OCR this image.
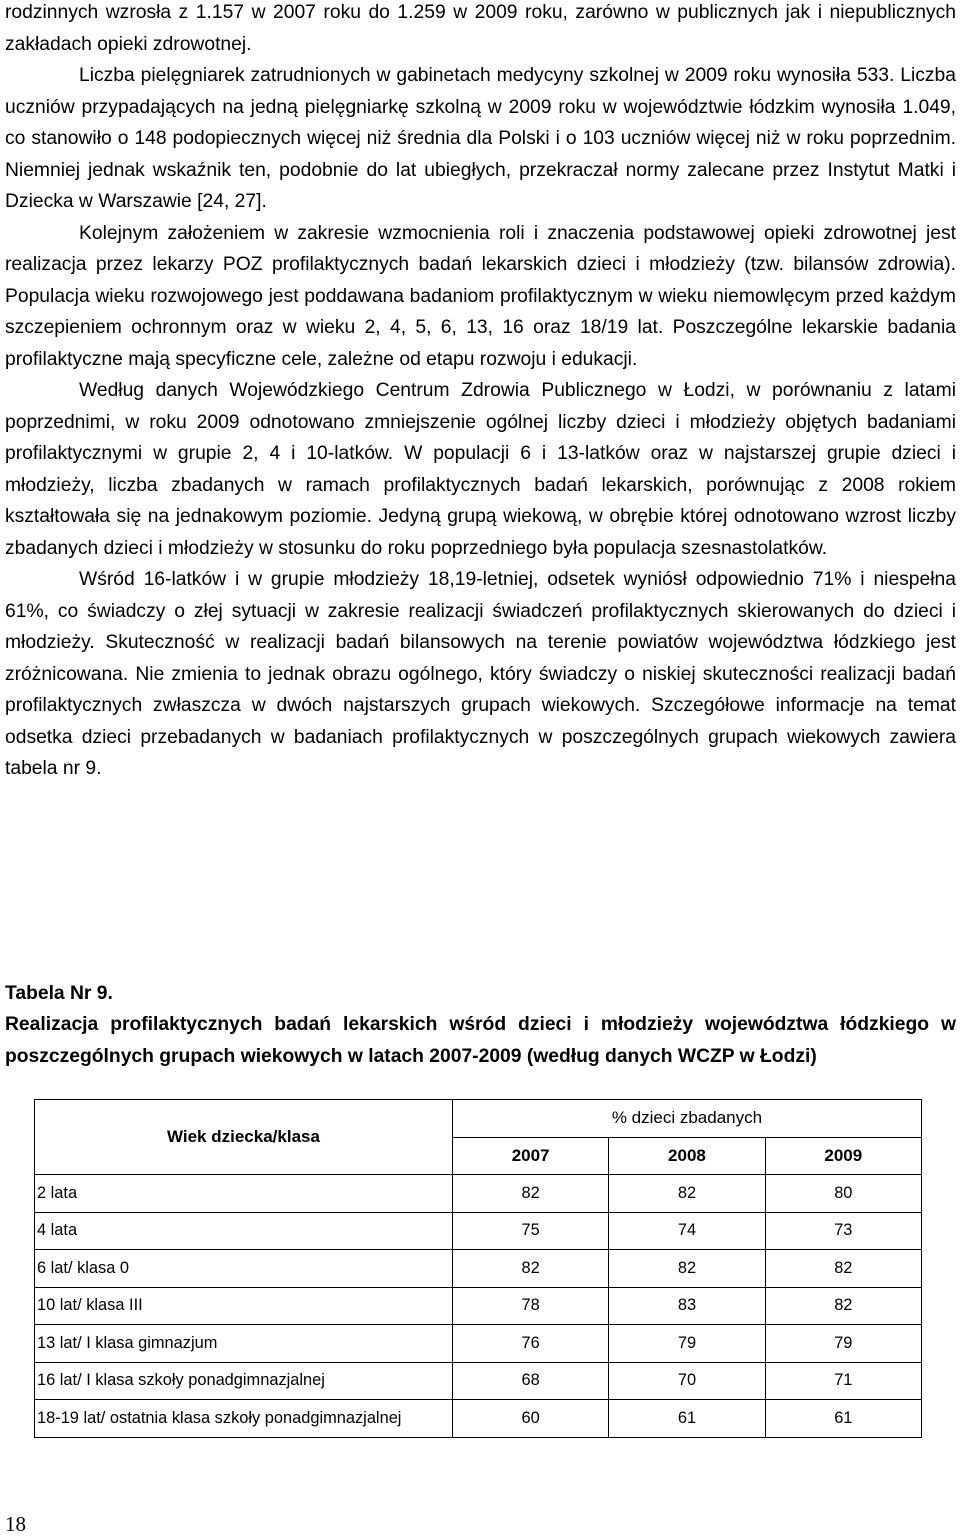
rodzinnych wzrosła z 1.157 w 2007 roku do 1.259 w 2009 roku, zarówno w publicznych jak i niepublicznych zakładach opieki zdrowotnej.

Liczba pielęgniarek zatrudnionych w gabinetach medycyny szkolnej w 2009 roku wynosiła 533. Liczba uczniów przypadających na jedną pielęgniarkę szkolną w 2009 roku w województwie łódzkim wynosiła 1.049, co stanowiło o 148 podopiecznych więcej niż średnia dla Polski i o 103 uczniów więcej niż w roku poprzednim. Niemniej jednak wskaźnik ten, podobnie do lat ubiegłych, przekraczał normy zalecane przez Instytut Matki i Dziecka w Warszawie [24, 27].

Kolejnym założeniem w zakresie wzmocnienia roli i znaczenia podstawowej opieki zdrowotnej jest realizacja przez lekarzy POZ profilaktycznych badań lekarskich dzieci i młodzieży (tzw. bilansów zdrowia). Populacja wieku rozwojowego jest poddawana badaniom profilaktycznym w wieku niemowlęcym przed każdym szczepieniem ochronnym oraz w wieku 2, 4, 5, 6, 13, 16 oraz 18/19 lat. Poszczególne lekarskie badania profilaktyczne mają specyficzne cele, zależne od etapu rozwoju i edukacji.

Według danych Wojewódzkiego Centrum Zdrowia Publicznego w Łodzi, w porównaniu z latami poprzednimi, w roku 2009 odnotowano zmniejszenie ogólnej liczby dzieci i młodzieży objętych badaniami profilaktycznymi w grupie 2, 4 i 10-latków. W populacji 6 i 13-latków oraz w najstarszej grupie dzieci i młodzieży, liczba zbadanych w ramach profilaktycznych badań lekarskich, porównując z 2008 rokiem kształtowała się na jednakowym poziomie. Jedyną grupą wiekową, w obrębie której odnotowano wzrost liczby zbadanych dzieci i młodzieży w stosunku do roku poprzedniego była populacja szesnastolatków.

Wśród 16-latków i w grupie młodzieży 18,19-letniej, odsetek wyniósł odpowiednio 71% i niespełna 61%, co świadczy o złej sytuacji w zakresie realizacji świadczeń profilaktycznych skierowanych do dzieci i młodzieży. Skuteczność w realizacji badań bilansowych na terenie powiatów województwa łódzkiego jest zróżnicowana. Nie zmienia to jednak obrazu ogólnego, który świadczy o niskiej skuteczności realizacji badań profilaktycznych zwłaszcza w dwóch najstarszych grupach wiekowych. Szczegółowe informacje na temat odsetka dzieci przebadanych w badaniach profilaktycznych w poszczególnych grupach wiekowych zawiera tabela nr 9.

Tabela Nr 9.
Realizacja profilaktycznych badań lekarskich wśród dzieci i młodzieży województwa łódzkiego w poszczególnych grupach wiekowych w latach 2007-2009 (według danych WCZP w Łodzi)
Wiek dziecka/klasa	% dzieci zbadanych		
	2007	2008	2009
2 lata	82	82	80
4 lata	75	74	73
6 lat/ klasa 0	82	82	82
10 lat/ klasa III	78	83	82
13 lat/ I klasa gimnazjum	76	79	79
16 lat/ I klasa szkoły ponadgimnazjalnej	68	70	71
18-19 lat/ ostatnia klasa szkoły ponadgimnazjalnej	60	61	61
18
